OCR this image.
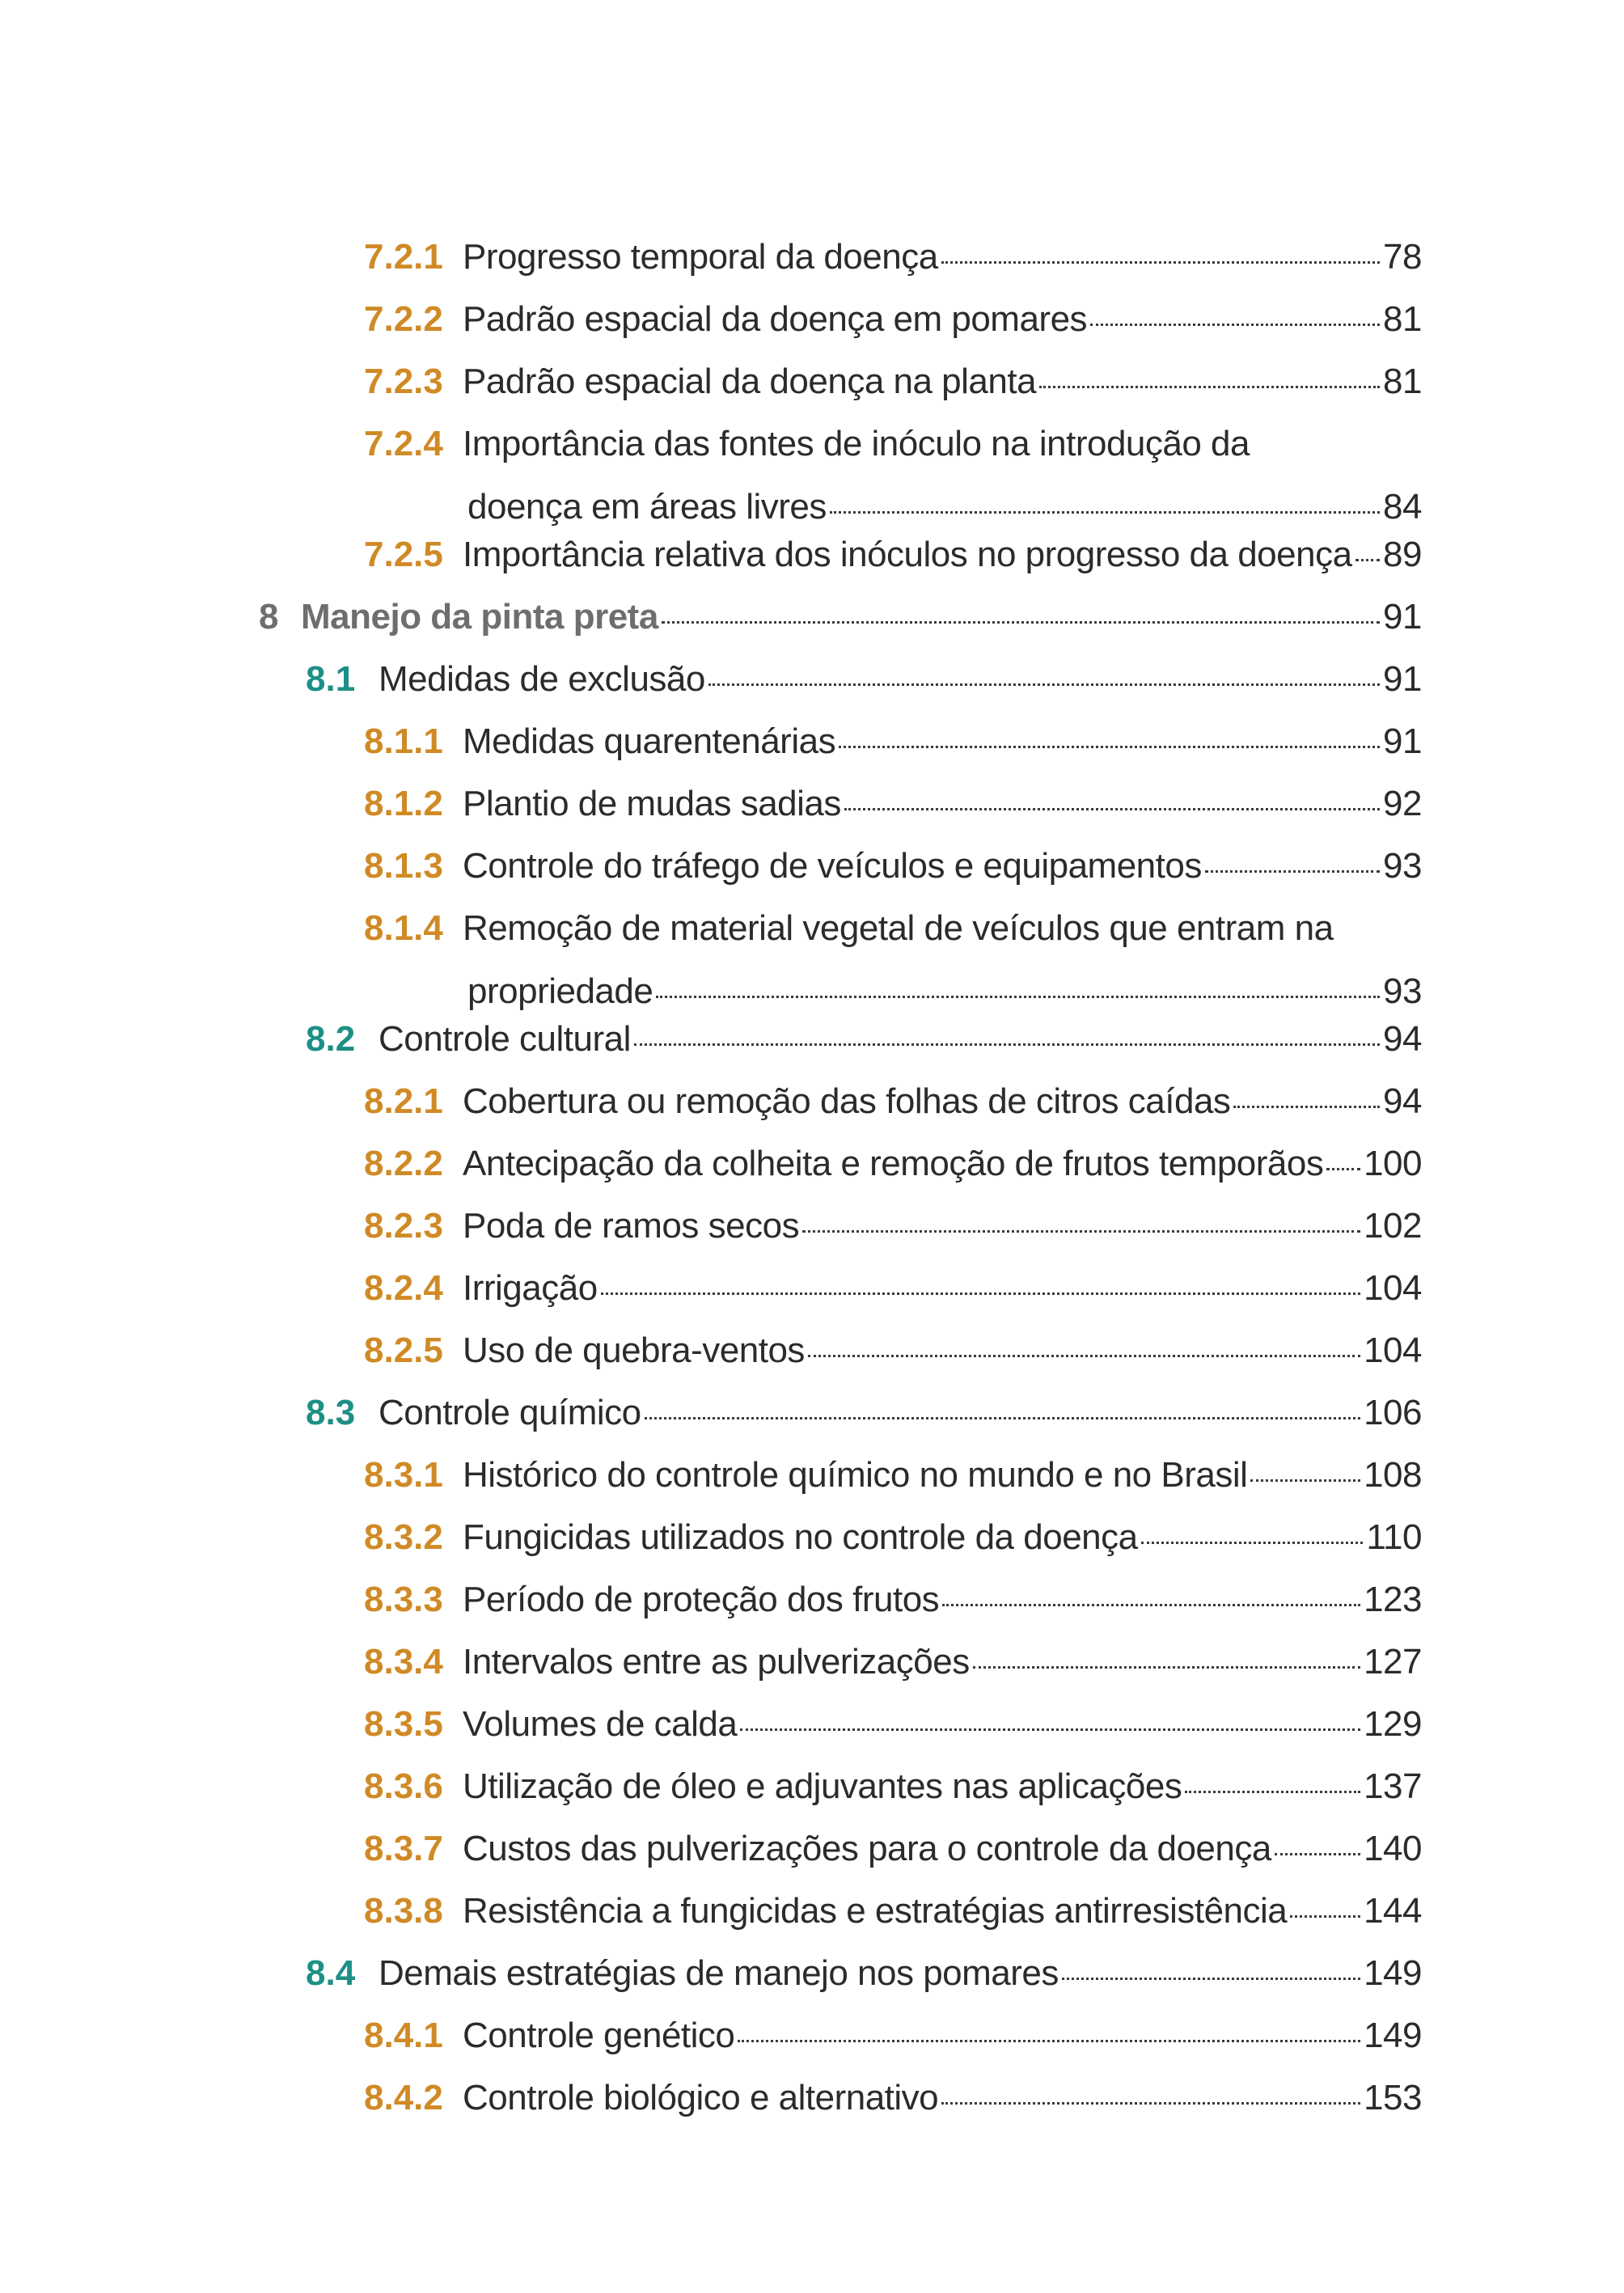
7.2.1 Progresso temporal da doença	78
7.2.2 Padrão espacial da doença em pomares	81
7.2.3 Padrão espacial da doença na planta	81
7.2.4 Importância das fontes de inóculo na introdução da
doença em áreas livres	84
7.2.5 Importância relativa dos inóculos no progresso da doença 89
8 Manejo da pinta preta	91
8.1 Medidas de exclusão	91
8.1.1 Medidas quarentenárias	91
8.1.2 Plantio de mudas sadias	92
8.1.3 Controle do tráfego de veículos e equipamentos	93
8.1.4 Remoção de material vegetal de veículos que entram na
propriedade	93
8.2 Controle cultural	94
8.2.1 Cobertura ou remoção das folhas de citros caídas	94
8.2.2 Antecipação da colheita e remoção de frutos temporãos 100
8.2.3 Poda de ramos secos	102
8.2.4 Irrigação	104
8.2.5 Uso de quebra-ventos	104
8.3 Controle químico	106
8.3.1 Histórico do controle químico no mundo e no Brasil	108
8.3.2 Fungicidas utilizados no controle da doença	110
8.3.3 Período de proteção dos frutos	123
8.3.4 Intervalos entre as pulverizações	127
8.3.5 Volumes de calda	129
8.3.6 Utilização de óleo e adjuvantes nas aplicações	137
8.3.7 Custos das pulverizações para o controle da doença	140
8.3.8 Resistência a fungicidas e estratégias antirresistência 144
8.4 Demais estratégias de manejo nos pomares	149
8.4.1 Controle genético	149
8.4.2 Controle biológico e alternativo	153
